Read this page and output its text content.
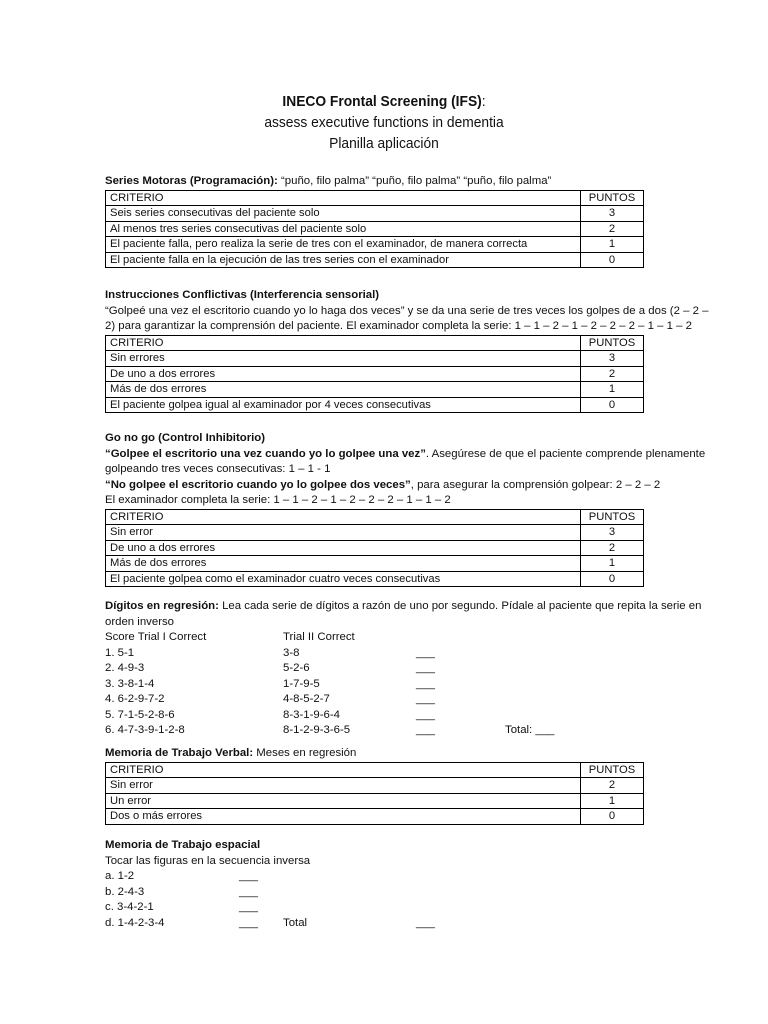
INECO Frontal Screening (IFS):
assess executive functions in dementia
Planilla aplicación
Series Motoras (Programación): “puño, filo palma” “puño, filo palma” “puño, filo palma”
CRITERIO	PUNTOS
Seis series consecutivas del paciente solo	3
Al menos tres series consecutivas del paciente solo	2
El paciente falla, pero realiza la serie de tres con el examinador, de manera correcta	1
El paciente falla en la ejecución de las tres series con el examinador	0
Instrucciones Conflictivas (Interferencia sensorial)
“Golpeé una vez el escritorio cuando yo lo haga dos veces” y se da una serie de tres veces los golpes de a dos (2 – 2 –
2) para garantizar la comprensión del paciente. El examinador completa la serie: 1 – 1 – 2 – 1 – 2 – 2 – 2 – 1 – 1 – 2
CRITERIO	PUNTOS
Sin errores	3
De uno a dos errores	2
Más de dos errores	1
El paciente golpea igual al examinador por 4 veces consecutivas	0
Go no go (Control Inhibitorio)
“Golpee el escritorio una vez cuando yo lo golpee una vez”. Asegúrese de que el paciente comprende plenamente
golpeando tres veces consecutivas: 1 – 1 - 1
“No golpee el escritorio cuando yo lo golpee dos veces”, para asegurar la comprensión golpear: 2 – 2 – 2
El examinador completa la serie: 1 – 1 – 2 – 1 – 2 – 2 – 2 – 1 – 1 – 2
CRITERIO	PUNTOS
Sin error	3
De uno a dos errores	2
Más de dos errores	1
El paciente golpea como el examinador cuatro veces consecutivas	0
Dígitos en regresión: Lea cada serie de dígitos a razón de uno por segundo. Pídale al paciente que repita la serie en
orden inverso
Score Trial I Correct	Trial II Correct
1. 5-1	3-8	___
2. 4-9-3	5-2-6	___
3. 3-8-1-4	1-7-9-5	___
4. 6-2-9-7-2	4-8-5-2-7	___
5. 7-1-5-2-8-6	8-3-1-9-6-4	___
6. 4-7-3-9-1-2-8	8-1-2-9-3-6-5	___	Total: ___
Memoria de Trabajo Verbal: Meses en regresión
CRITERIO	PUNTOS
Sin error	2
Un error	1
Dos o más errores	0
Memoria de Trabajo espacial
Tocar las figuras en la secuencia inversa
a. 1-2	___
b. 2-4-3	___
c. 3-4-2-1	___
d. 1-4-2-3-4	___ Total	___
